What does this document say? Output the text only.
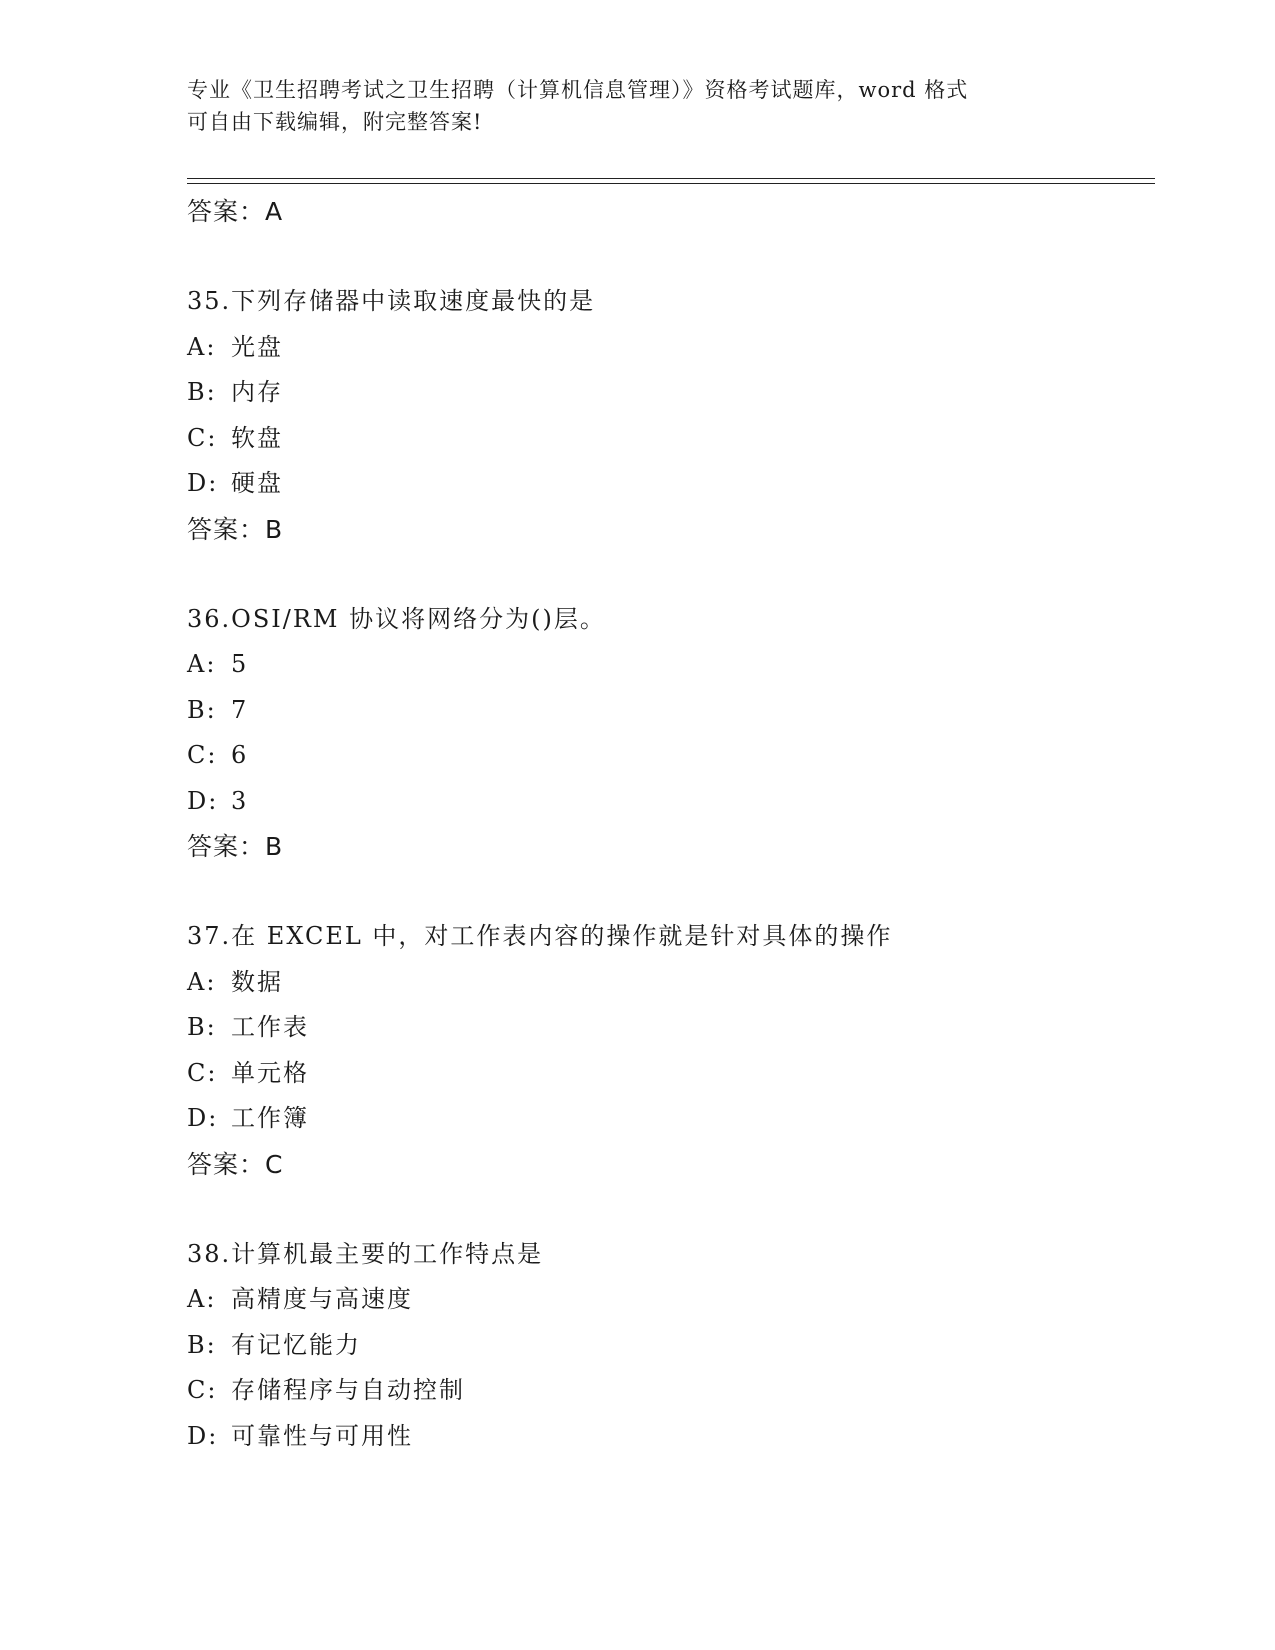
专业《卫生招聘考试之卫生招聘（计算机信息管理）》资格考试题库，word 格式
可自由下载编辑，附完整答案!
答案：A
35.下列存储器中读取速度最快的是
A: 光盘
B: 内存
C: 软盘
D: 硬盘
答案：B
36.OSI/RM 协议将网络分为()层。
A: 5
B: 7
C: 6
D: 3
答案：B
37.在 EXCEL 中，对工作表内容的操作就是针对具体的操作
A: 数据
B: 工作表
C: 单元格
D: 工作簿
答案：C
38.计算机最主要的工作特点是
A: 高精度与高速度
B: 有记忆能力
C: 存储程序与自动控制
D: 可靠性与可用性
